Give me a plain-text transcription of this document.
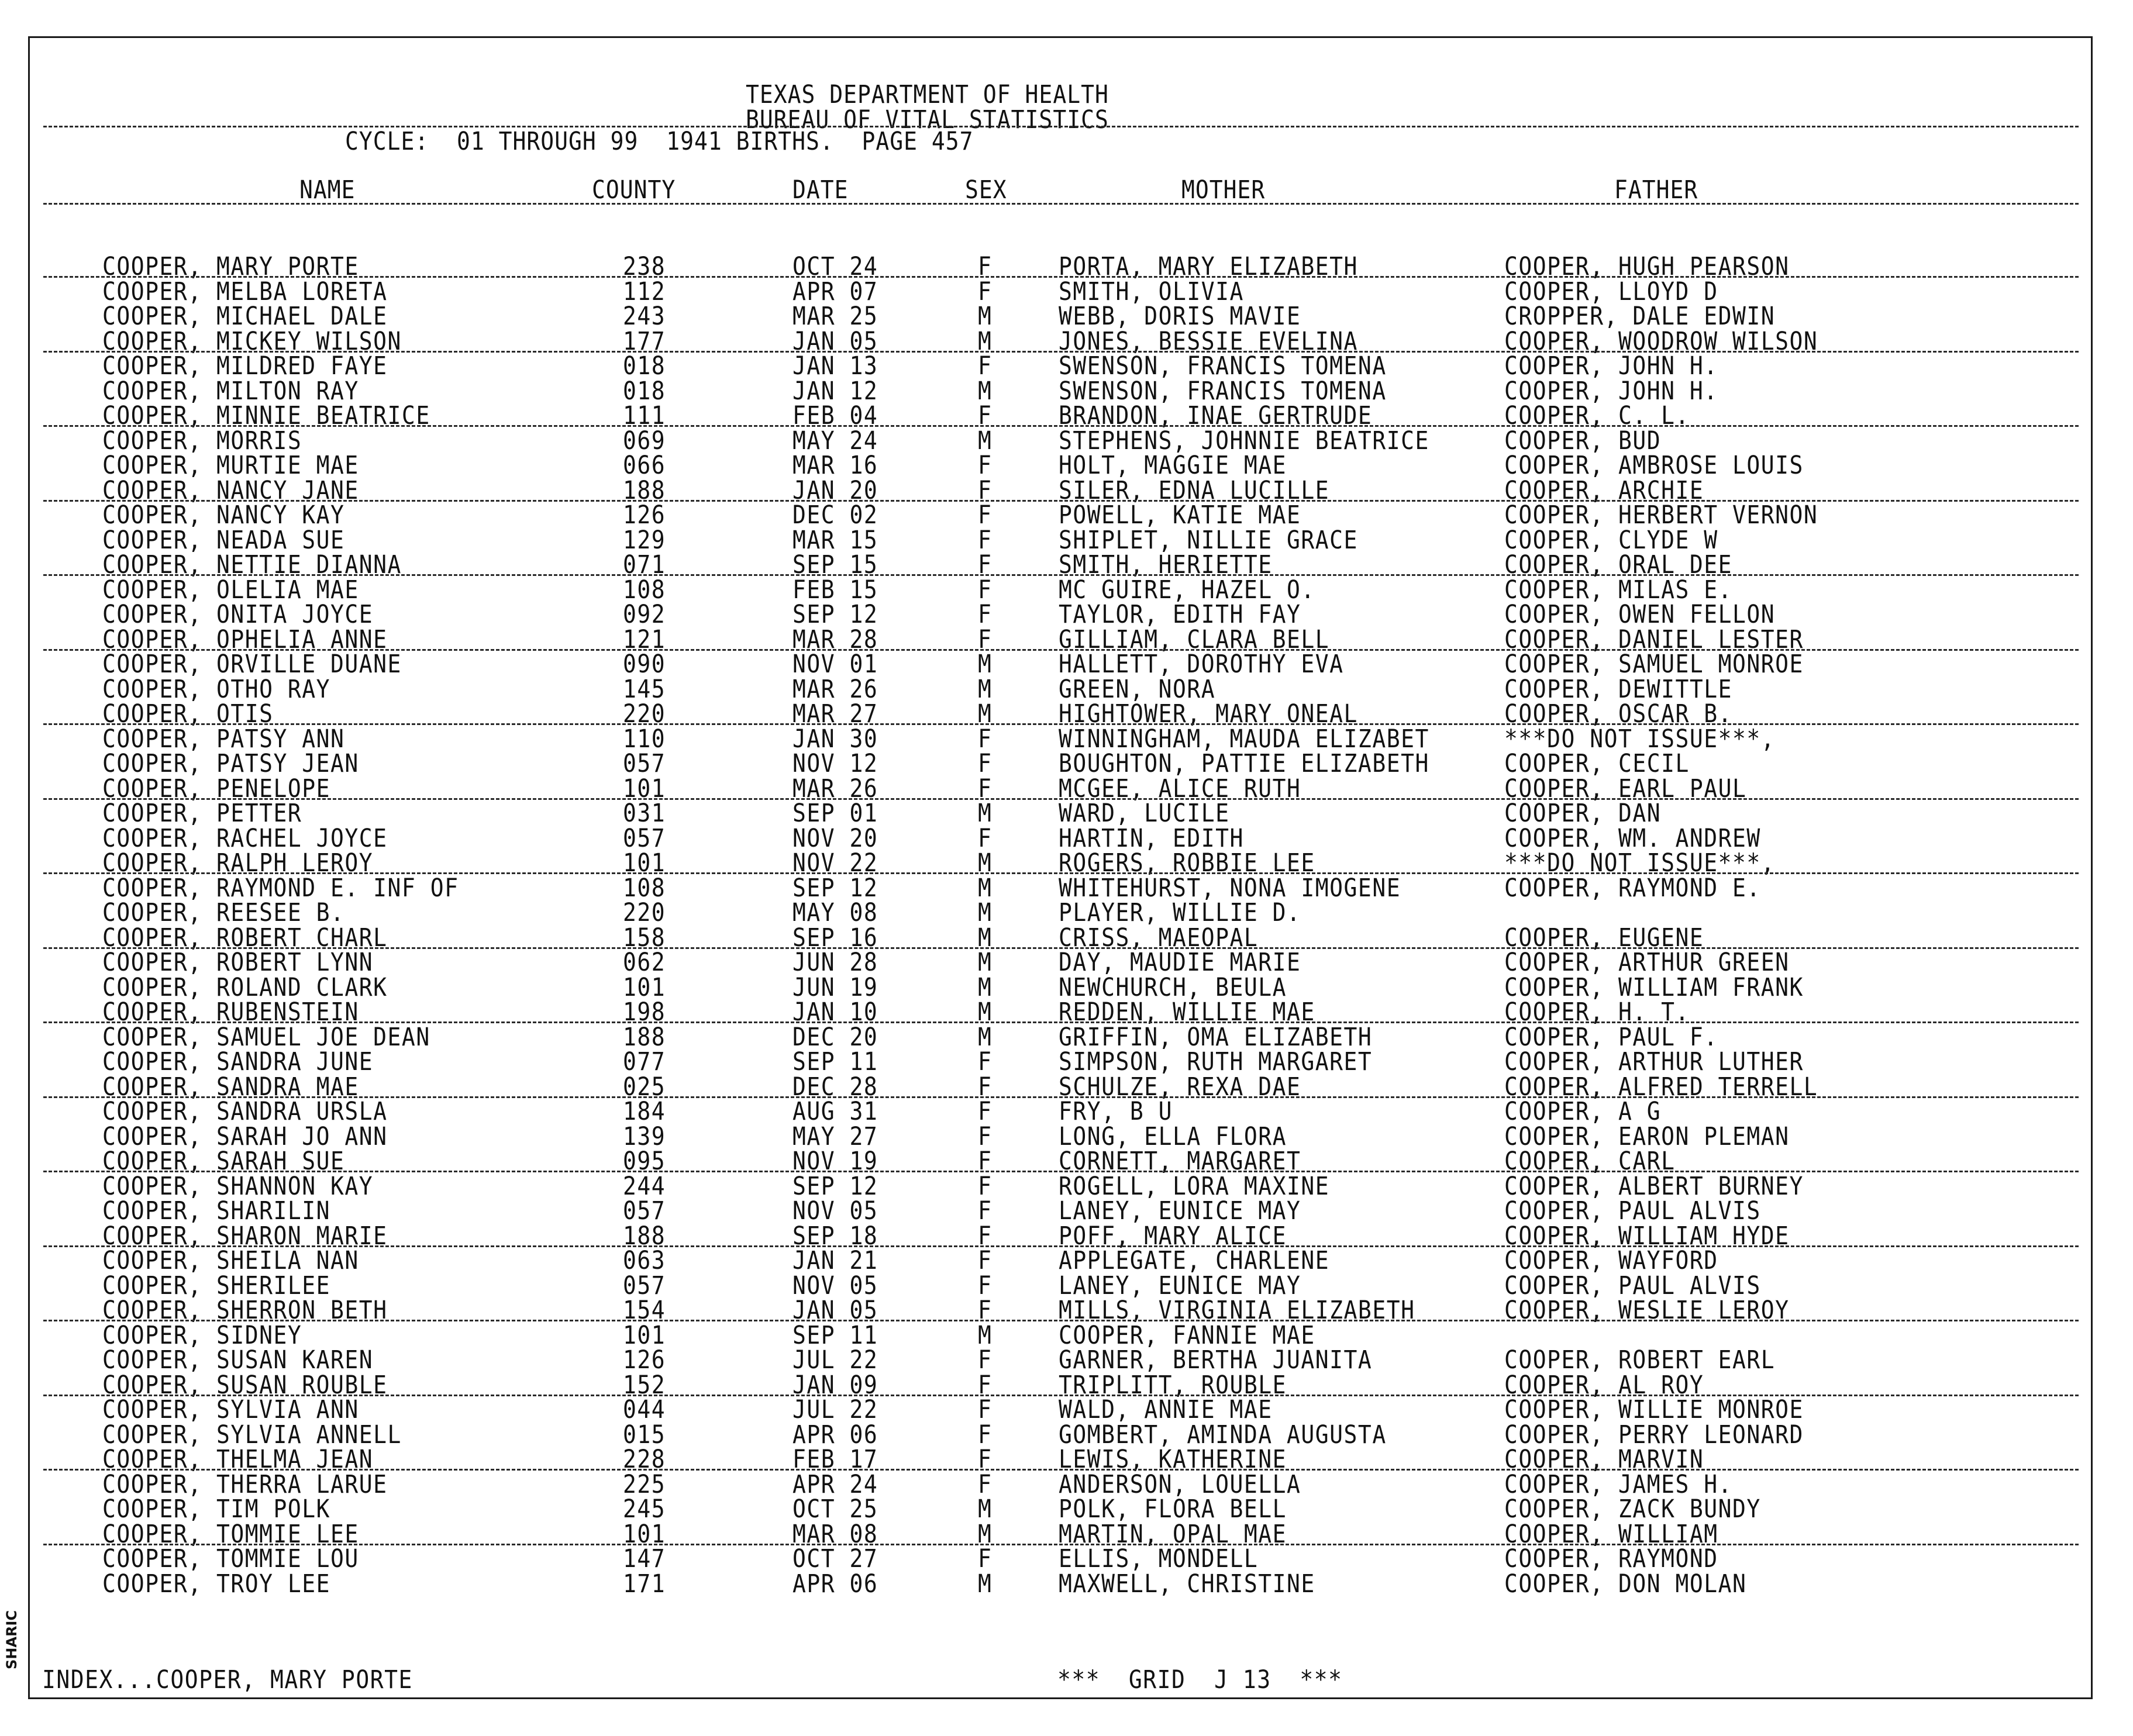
TEXAS DEPARTMENT OF HEALTH
BUREAU OF VITAL STATISTICS
CYCLE:  01 THROUGH 99  1941 BIRTHS.  PAGE 457
NAME	COUNTY	DATE	SEX	MOTHER	FATHER
COOPER, MARY PORTE	238	OCT 24	F	PORTA, MARY ELIZABETH	COOPER, HUGH PEARSON
COOPER, MELBA LORETA	112	APR 07	F	SMITH, OLIVIA	COOPER, LLOYD D
COOPER, MICHAEL DALE	243	MAR 25	M	WEBB, DORIS MAVIE	CROPPER, DALE EDWIN
COOPER, MICKEY WILSON	177	JAN 05	M	JONES, BESSIE EVELINA	COOPER, WOODROW WILSON
COOPER, MILDRED FAYE	018	JAN 13	F	SWENSON, FRANCIS TOMENA	COOPER, JOHN H.
COOPER, MILTON RAY	018	JAN 12	M	SWENSON, FRANCIS TOMENA	COOPER, JOHN H.
COOPER, MINNIE BEATRICE	111	FEB 04	F	BRANDON, INAE GERTRUDE	COOPER, C. L.
COOPER, MORRIS	069	MAY 24	M	STEPHENS, JOHNNIE BEATRICE	COOPER, BUD
COOPER, MURTIE MAE	066	MAR 16	F	HOLT, MAGGIE MAE	COOPER, AMBROSE LOUIS
COOPER, NANCY JANE	188	JAN 20	F	SILER, EDNA LUCILLE	COOPER, ARCHIE
COOPER, NANCY KAY	126	DEC 02	F	POWELL, KATIE MAE	COOPER, HERBERT VERNON
COOPER, NEADA SUE	129	MAR 15	F	SHIPLET, NILLIE GRACE	COOPER, CLYDE W
COOPER, NETTIE DIANNA	071	SEP 15	F	SMITH, HERIETTE	COOPER, ORAL DEE
COOPER, OLELIA MAE	108	FEB 15	F	MC GUIRE, HAZEL O.	COOPER, MILAS E.
COOPER, ONITA JOYCE	092	SEP 12	F	TAYLOR, EDITH FAY	COOPER, OWEN FELLON
COOPER, OPHELIA ANNE	121	MAR 28	F	GILLIAM, CLARA BELL	COOPER, DANIEL LESTER
COOPER, ORVILLE DUANE	090	NOV 01	M	HALLETT, DOROTHY EVA	COOPER, SAMUEL MONROE
COOPER, OTHO RAY	145	MAR 26	M	GREEN, NORA	COOPER, DEWITTLE
COOPER, OTIS	220	MAR 27	M	HIGHTOWER, MARY ONEAL	COOPER, OSCAR B.
COOPER, PATSY ANN	110	JAN 30	F	WINNINGHAM, MAUDA ELIZABET	***DO NOT ISSUE***,
COOPER, PATSY JEAN	057	NOV 12	F	BOUGHTON, PATTIE ELIZABETH	COOPER, CECIL
COOPER, PENELOPE	101	MAR 26	F	MCGEE, ALICE RUTH	COOPER, EARL PAUL
COOPER, PETTER	031	SEP 01	M	WARD, LUCILE	COOPER, DAN
COOPER, RACHEL JOYCE	057	NOV 20	F	HARTIN, EDITH	COOPER, WM. ANDREW
COOPER, RALPH LEROY	101	NOV 22	M	ROGERS, ROBBIE LEE	***DO NOT ISSUE***,
COOPER, RAYMOND E. INF OF	108	SEP 12	M	WHITEHURST, NONA IMOGENE	COOPER, RAYMOND E.
COOPER, REESEE B.	220	MAY 08	M	PLAYER, WILLIE D.
COOPER, ROBERT CHARL	158	SEP 16	M	CRISS, MAEOPAL	COOPER, EUGENE
COOPER, ROBERT LYNN	062	JUN 28	M	DAY, MAUDIE MARIE	COOPER, ARTHUR GREEN
COOPER, ROLAND CLARK	101	JUN 19	M	NEWCHURCH, BEULA	COOPER, WILLIAM FRANK
COOPER, RUBENSTEIN	198	JAN 10	M	REDDEN, WILLIE MAE	COOPER, H. T.
COOPER, SAMUEL JOE DEAN	188	DEC 20	M	GRIFFIN, OMA ELIZABETH	COOPER, PAUL F.
COOPER, SANDRA JUNE	077	SEP 11	F	SIMPSON, RUTH MARGARET	COOPER, ARTHUR LUTHER
COOPER, SANDRA MAE	025	DEC 28	F	SCHULZE, REXA DAE	COOPER, ALFRED TERRELL
COOPER, SANDRA URSLA	184	AUG 31	F	FRY, B U	COOPER, A G
COOPER, SARAH JO ANN	139	MAY 27	F	LONG, ELLA FLORA	COOPER, EARON PLEMAN
COOPER, SARAH SUE	095	NOV 19	F	CORNETT, MARGARET	COOPER, CARL
COOPER, SHANNON KAY	244	SEP 12	F	ROGELL, LORA MAXINE	COOPER, ALBERT BURNEY
COOPER, SHARILIN	057	NOV 05	F	LANEY, EUNICE MAY	COOPER, PAUL ALVIS
COOPER, SHARON MARIE	188	SEP 18	F	POFF, MARY ALICE	COOPER, WILLIAM HYDE
COOPER, SHEILA NAN	063	JAN 21	F	APPLEGATE, CHARLENE	COOPER, WAYFORD
COOPER, SHERILEE	057	NOV 05	F	LANEY, EUNICE MAY	COOPER, PAUL ALVIS
COOPER, SHERRON BETH	154	JAN 05	F	MILLS, VIRGINIA ELIZABETH	COOPER, WESLIE LEROY
COOPER, SIDNEY	101	SEP 11	M	COOPER, FANNIE MAE
COOPER, SUSAN KAREN	126	JUL 22	F	GARNER, BERTHA JUANITA	COOPER, ROBERT EARL
COOPER, SUSAN ROUBLE	152	JAN 09	F	TRIPLITT, ROUBLE	COOPER, AL ROY
COOPER, SYLVIA ANN	044	JUL 22	F	WALD, ANNIE MAE	COOPER, WILLIE MONROE
COOPER, SYLVIA ANNELL	015	APR 06	F	GOMBERT, AMINDA AUGUSTA	COOPER, PERRY LEONARD
COOPER, THELMA JEAN	228	FEB 17	F	LEWIS, KATHERINE	COOPER, MARVIN
COOPER, THERRA LARUE	225	APR 24	F	ANDERSON, LOUELLA	COOPER, JAMES H.
COOPER, TIM POLK	245	OCT 25	M	POLK, FLORA BELL	COOPER, ZACK BUNDY
COOPER, TOMMIE LEE	101	MAR 08	M	MARTIN, OPAL MAE	COOPER, WILLIAM
COOPER, TOMMIE LOU	147	OCT 27	F	ELLIS, MONDELL	COOPER, RAYMOND
COOPER, TROY LEE	171	APR 06	M	MAXWELL, CHRISTINE	COOPER, DON MOLAN
INDEX...COOPER, MARY PORTE	***  GRID  J 13  ***
SHARIC
